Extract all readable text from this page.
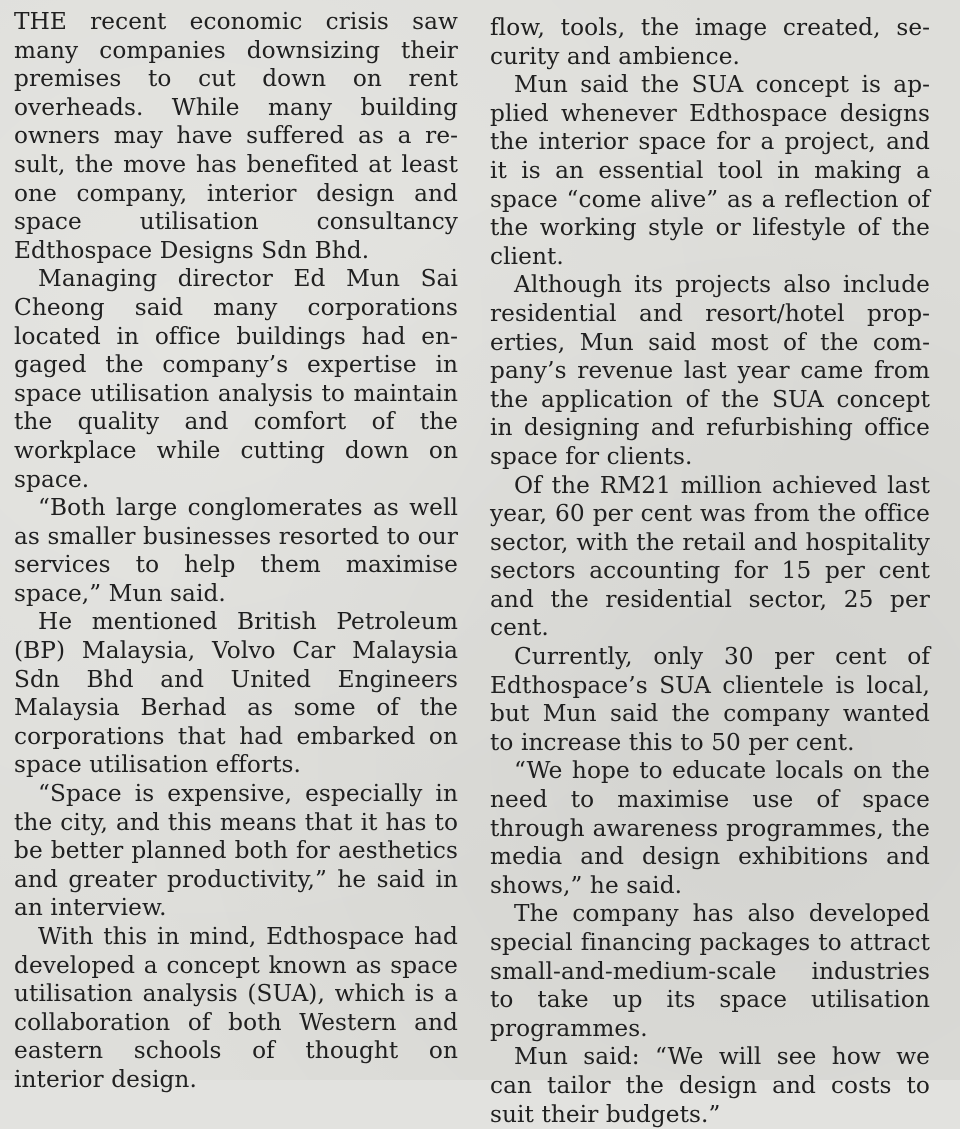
THE recent economic crisis saw many companies downsizing their premises to cut down on rent overheads. While many building owners may have suffered as a result, the move has benefited at least one company, interior design and space utilisation consultancy Edthospace Designs Sdn Bhd.

Managing director Ed Mun Sai Cheong said many corporations located in office buildings had engaged the company’s expertise in space utilisation analysis to maintain the quality and comfort of the workplace while cutting down on space.

“Both large conglomerates as well as smaller businesses resorted to our services to help them maximise space,” Mun said.

He mentioned British Petroleum (BP) Malaysia, Volvo Car Malaysia Sdn Bhd and United Engineers Malaysia Berhad as some of the corporations that had embarked on space utilisation efforts.

“Space is expensive, especially in the city, and this means that it has to be better planned both for aesthetics and greater productivity,” he said in an interview.

With this in mind, Edthospace had developed a concept known as space utilisation analysis (SUA), which is a collaboration of both Western and eastern schools of thought on interior design.

flow, tools, the image created, security and ambience.

Mun said the SUA concept is applied whenever Edthospace designs the interior space for a project, and it is an essential tool in making a space “come alive” as a reflection of the working style or lifestyle of the client.

Although its projects also include residential and resort/hotel properties, Mun said most of the company’s revenue last year came from the application of the SUA concept in designing and refurbishing office space for clients.

Of the RM21 million achieved last year, 60 per cent was from the office sector, with the retail and hospitality sectors accounting for 15 per cent and the residential sector, 25 per cent.

Currently, only 30 per cent of Edthospace’s SUA clientele is local, but Mun said the company wanted to increase this to 50 per cent.

“We hope to educate locals on the need to maximise use of space through awareness programmes, the media and design exhibitions and shows,” he said.

The company has also developed special financing packages to attract small-and-medium-scale industries to take up its space utilisation programmes.

Mun said: “We will see how we can tailor the design and costs to suit their budgets.”
